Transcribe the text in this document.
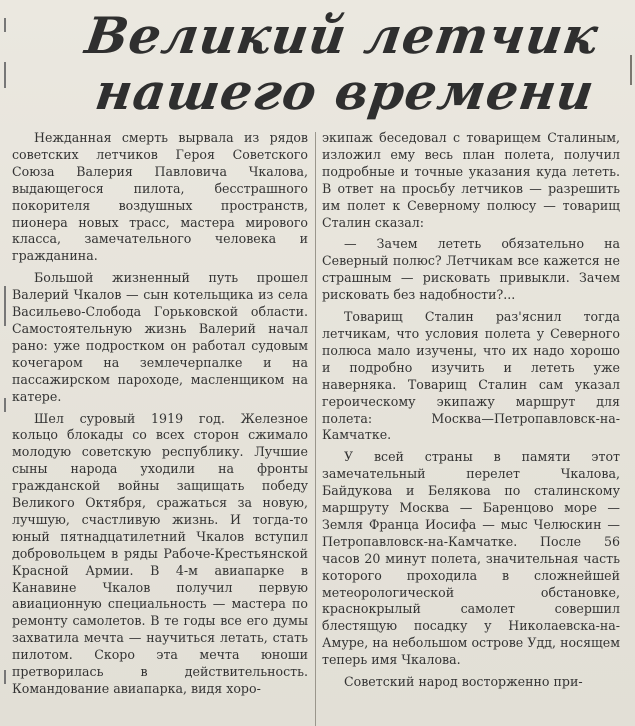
Великий летчик
нашего времени

Нежданная смерть вырвала из рядов советских летчиков Героя Советского Союза Валерия Павловича Чкалова, выдающегося пилота, бесстрашного покорителя воздушных пространств, пионера новых трасс, мастера мирового класса, замечательного человека и гражданина.

Большой жизненный путь прошел Валерий Чкалов — сын котельщика из села Васильево-Слобода Горьковской области. Самостоятельную жизнь Валерий начал рано: уже подростком он работал судовым кочегаром на землечерпалке и на пассажирском пароходе, масленщиком на катере.

Шел суровый 1919 год. Железное кольцо блокады со всех сторон сжимало молодую советскую республику. Лучшие сыны народа уходили на фронты гражданской войны защищать победу Великого Октября, сражаться за новую, лучшую, счастливую жизнь. И тогда-то юный пятнадцатилетний Чкалов вступил добровольцем в ряды Рабоче-Крестьянской Красной Армии. В 4-м авиапарке в Канавине Чкалов получил первую авиационную специальность — мастера по ремонту самолетов. В те годы все его думы захватила мечта — научиться летать, стать пилотом. Скоро эта мечта юноши претворилась в действительность. Командование авиапарка, видя хоро-

экипаж беседовал с товарищем Сталиным, изложил ему весь план полета, получил подробные и точные указания куда лететь. В ответ на просьбу летчиков — разрешить им полет к Северному полюсу — товарищ Сталин сказал:

— Зачем лететь обязательно на Северный полюс? Летчикам все кажется не страшным — рисковать привыкли. Зачем рисковать без надобности?...

Товарищ Сталин раз'яснил тогда летчикам, что условия полета у Северного полюса мало изучены, что их надо хорошо и подробно изучить и лететь уже наверняка. Товарищ Сталин сам указал героическому экипажу маршрут для полета: Москва—Петропавловск-на-Камчатке.

У всей страны в памяти этот замечательный перелет Чкалова, Байдукова и Белякова по сталинскому маршруту Москва — Баренцово море — Земля Франца Иосифа — мыс Челюскин — Петропавловск-на-Камчатке. После 56 часов 20 минут полета, значительная часть которого проходила в сложнейшей метеорологической обстановке, краснокрылый самолет совершил блестящую посадку у Николаевска-на-Амуре, на небольшом острове Удд, носящем теперь имя Чкалова.

Советский народ восторженно при-
